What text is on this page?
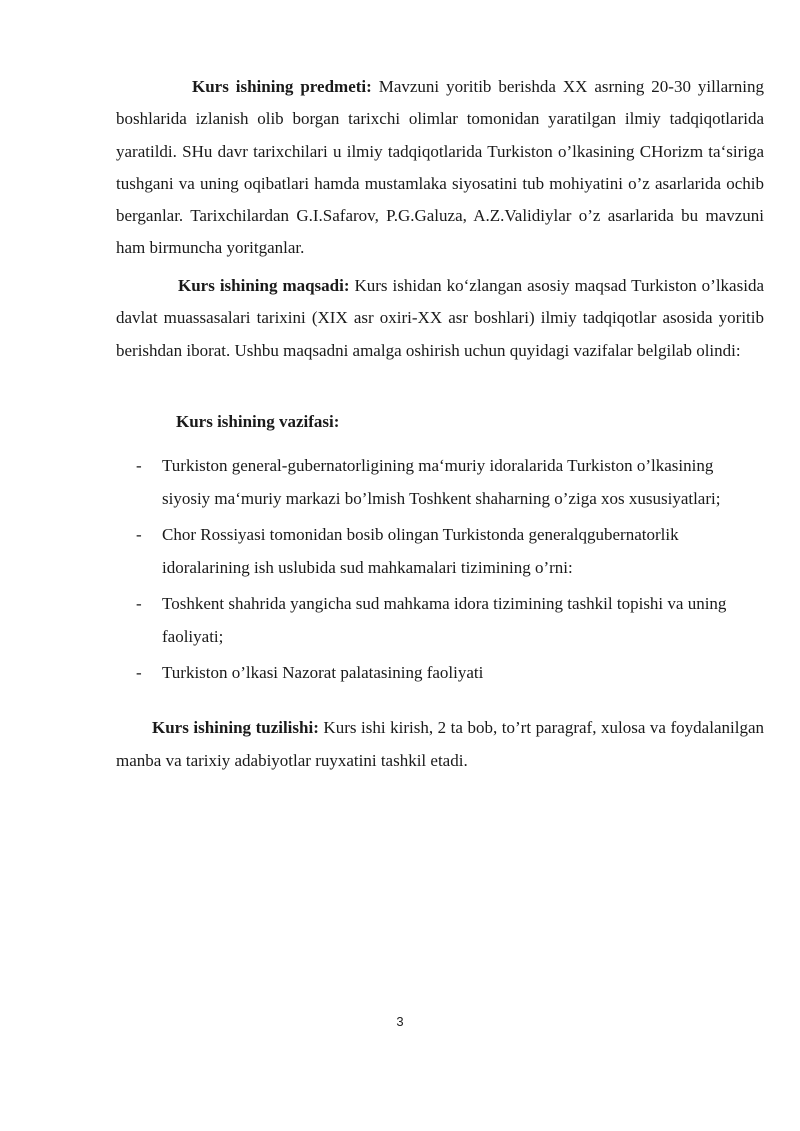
Kurs ishining predmeti: Mavzuni yoritib berishda XX asrning 20-30 yillarning boshlarida izlanish olib borgan tarixchi olimlar tomonidan yaratilgan ilmiy tadqiqotlarida yaratildi. SHu davr tarixchilari u ilmiy tadqiqotlarida Turkiston o’lkasining CHorizm ta‘siriga tushgani va uning oqibatlari hamda mustamlaka siyosatini tub mohiyatini o’z asarlarida ochib berganlar. Tarixchilardan G.I.Safarov, P.G.Galuza, A.Z.Validiylar o’z asarlarida bu mavzuni ham birmuncha yoritganlar.

Kurs ishining maqsadi: Kurs ishidan ko‘zlangan asosiy maqsad Turkiston o’lkasida davlat muassasalari tarixini (XIX asr oxiri-XX asr boshlari) ilmiy tadqiqotlar asosida yoritib berishdan iborat. Ushbu maqsadni amalga oshirish uchun quyidagi vazifalar belgilab olindi:

Kurs ishining vazifasi:

- Turkiston general-gubernatorligining ma‘muriy idoralarida Turkiston o’lkasining siyosiy ma‘muriy markazi bo’lmish Toshkent shaharning o’ziga xos xususiyatlari;
- Chor Rossiyasi tomonidan bosib olingan Turkistonda generalqgubernatorlik idoralarining ish uslubida sud mahkamalari tizimining o’rni:
- Toshkent shahrida yangicha sud mahkama idora tizimining tashkil topishi va uning faoliyati;
- Turkiston o’lkasi Nazorat palatasining faoliyati

Kurs ishining tuzilishi: Kurs ishi kirish, 2 ta bob, to’rt paragraf, xulosa va foydalanilgan manba va tarixiy adabiyotlar ruyxatini tashkil etadi.

3
